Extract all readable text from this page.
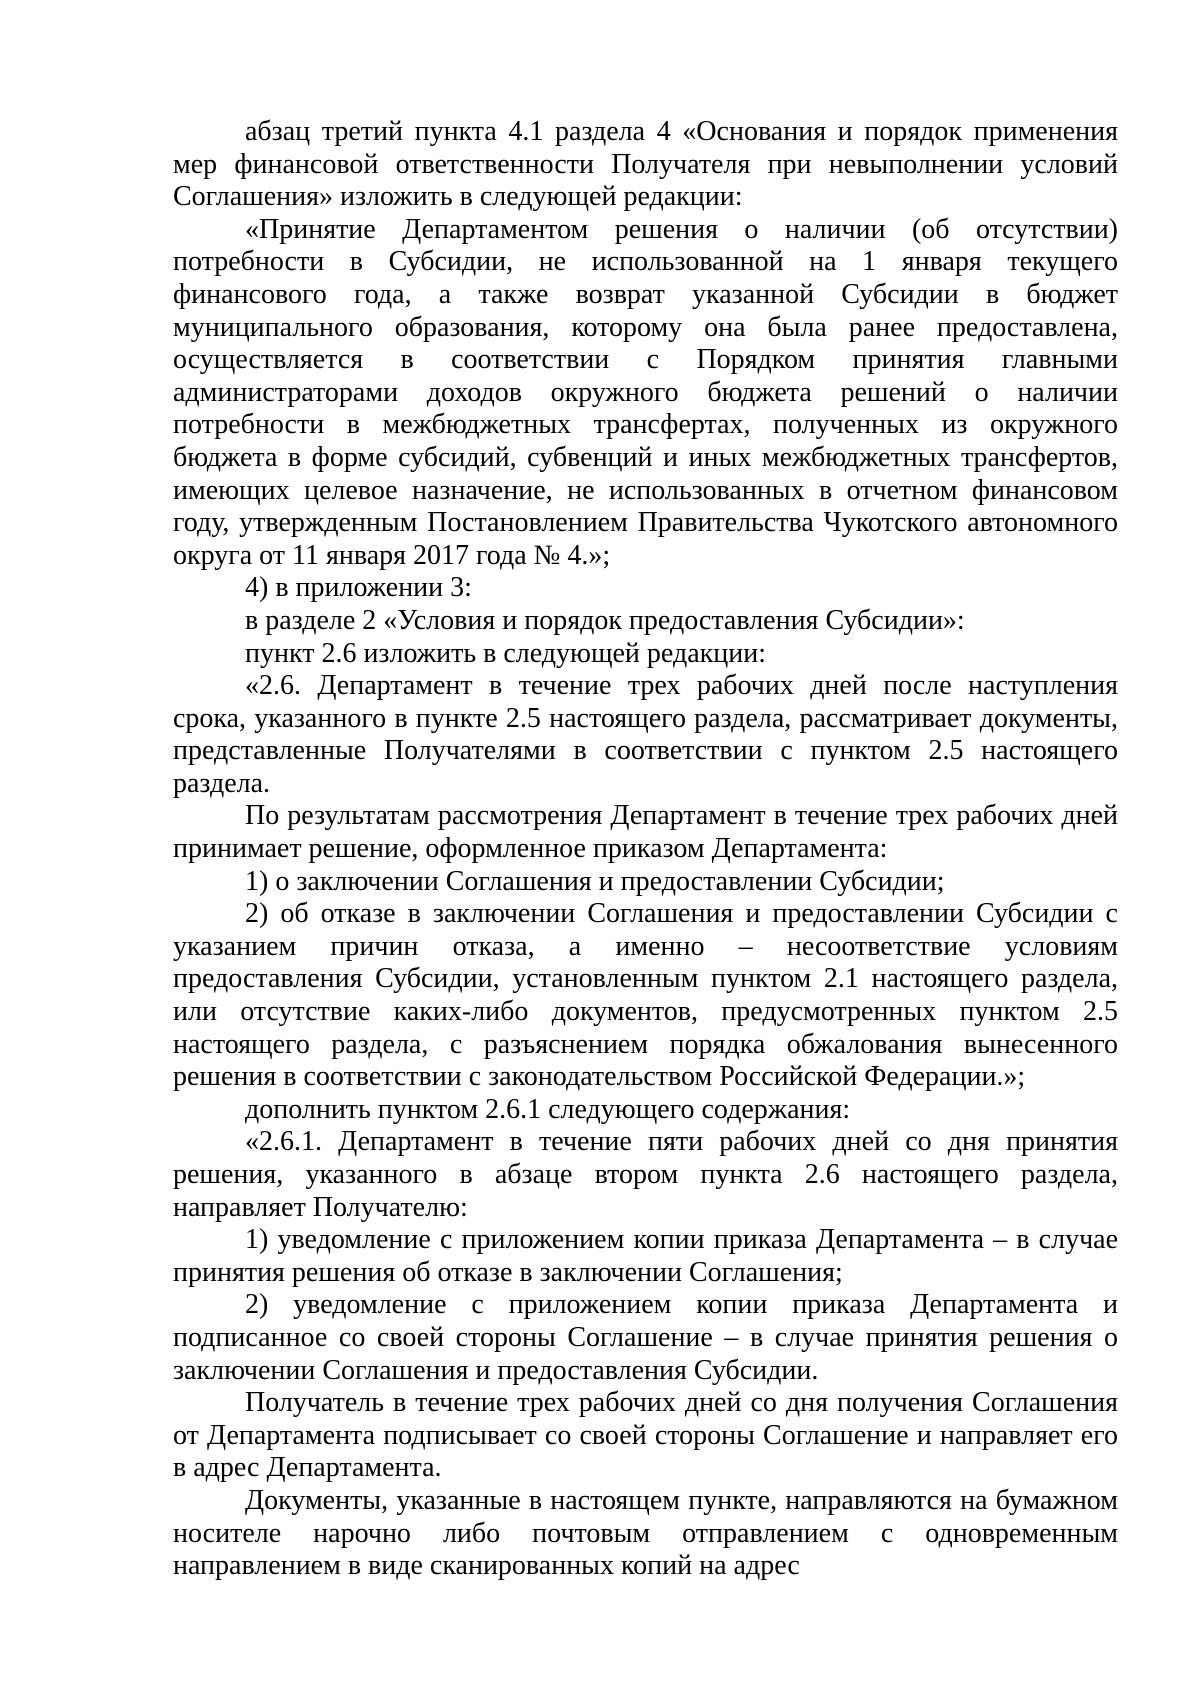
абзац третий пункта 4.1 раздела 4 «Основания и порядок применения мер финансовой ответственности Получателя при невыполнении условий Соглашения» изложить в следующей редакции:

«Принятие Департаментом решения о наличии (об отсутствии) потребности в Субсидии, не использованной на 1 января текущего финансового года, а также возврат указанной Субсидии в бюджет муниципального образования, которому она была ранее предоставлена, осуществляется в соответствии с Порядком принятия главными администраторами доходов окружного бюджета решений о наличии потребности в межбюджетных трансфертах, полученных из окружного бюджета в форме субсидий, субвенций и иных межбюджетных трансфертов, имеющих целевое назначение, не использованных в отчетном финансовом году, утвержденным Постановлением Правительства Чукотского автономного округа от 11 января 2017 года № 4.»;

4) в приложении 3:

в разделе 2 «Условия и порядок предоставления Субсидии»:

пункт 2.6 изложить в следующей редакции:

«2.6. Департамент в течение трех рабочих дней после наступления срока, указанного в пункте 2.5 настоящего раздела, рассматривает документы, представленные Получателями в соответствии с пунктом 2.5 настоящего раздела.

По результатам рассмотрения Департамент в течение трех рабочих дней принимает решение, оформленное приказом Департамента:

1) о заключении Соглашения и предоставлении Субсидии;

2) об отказе в заключении Соглашения и предоставлении Субсидии с указанием причин отказа, а именно – несоответствие условиям предоставления Субсидии, установленным пунктом 2.1 настоящего раздела, или отсутствие каких-либо документов, предусмотренных пунктом 2.5 настоящего раздела, с разъяснением порядка обжалования вынесенного решения в соответствии с законодательством Российской Федерации.»;

дополнить пунктом 2.6.1 следующего содержания:

«2.6.1. Департамент в течение пяти рабочих дней со дня принятия решения, указанного в абзаце втором пункта 2.6 настоящего раздела, направляет Получателю:

1) уведомление с приложением копии приказа Департамента – в случае принятия решения об отказе в заключении Соглашения;

2) уведомление с приложением копии приказа Департамента и подписанное со своей стороны Соглашение – в случае принятия решения о заключении Соглашения и предоставления Субсидии.

Получатель в течение трех рабочих дней со дня получения Соглашения от Департамента подписывает со своей стороны Соглашение и направляет его в адрес Департамента.

Документы, указанные в настоящем пункте, направляются на бумажном носителе нарочно либо почтовым отправлением с одновременным направлением в виде сканированных копий на адрес
